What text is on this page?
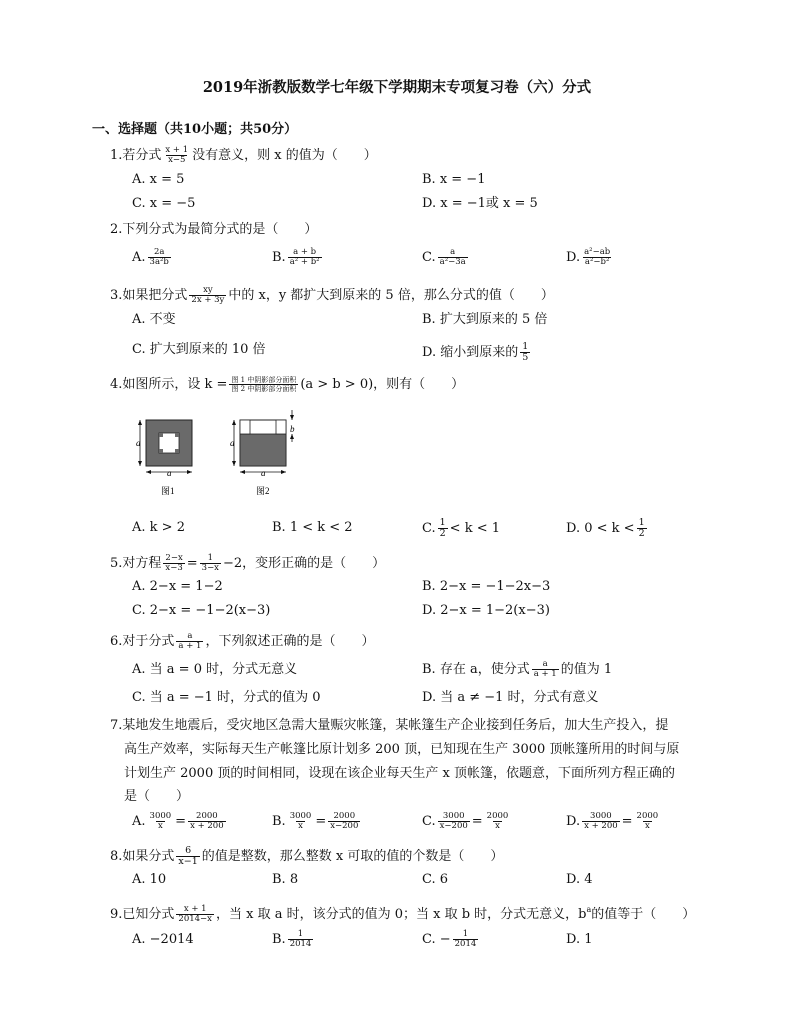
2019年浙教版数学七年级下学期期末专项复习卷（六）分式
一、选择题（共10小题；共50分）
1.若分式 $\frac{x + 1}{x-5}$ 没有意义，则 x 的值为（　　）
A. x = 5	B. x = −1
C. x = −5	D. x = −1或 x = 5
2.下列分式为最简分式的是（　　）
A. $\frac{2a}{\text{3a²b}}$	B. $\frac{a + b}{\text{a² + b²}}$	C. $\frac{a}{\text{a²−3a}}$	D. $\frac{\text{a²−ab}}{\text{a²−b²}}$
3.如果把分式 $\frac{xy}{2x + 3y}$ 中的 x，y 都扩大到原来的 5 倍，那么分式的值（　　）
A. 不变	B. 扩大到原来的 5 倍
C. 扩大到原来的 10 倍	D. 缩小到原来的 $\frac{1}{5}$
4.如图所示，设 $k = \frac{\text{图 1 中阴影部分面积}}{\text{图 2 中阴影部分面积}} (a > b > 0)$，则有（　　）
a
a
图1
b
a
a
图2
A. k > 2	B. 1 < k < 2	C. $\frac{1}{2} < k < 1$	D. $0 < k < \frac{1}{2}$
5.对方程 $\frac{2-x}{x-3} = \frac{1}{3-x} -2$，变形正确的是（　　）
A. 2−x = 1−2	B. 2−x = −1−2x−3
C. 2−x = −1−2(x−3)	D. 2−x = 1−2(x−3)
6.对于分式 $\frac{a}{a + 1}$ ，下列叙述正确的是（　　）
A. 当 a = 0 时，分式无意义	B. 存在 a，使分式 $\frac{a}{a + 1}$ 的值为 1
C. 当 a = −1 时，分式的值为 0	D. 当 a ≠ −1 时，分式有意义
7.某地发生地震后，受灾地区急需大量赈灾帐篷，某帐篷生产企业接到任务后，加大生产投入，提
高生产效率，实际每天生产帐篷比原计划多 200 顶，已知现在生产 3000 顶帐篷所用的时间与原
计划生产 2000 顶的时间相同，设现在该企业每天生产 x 顶帐篷，依题意，下面所列方程正确的
是（　　）
A. $\frac{3000}{x} = \frac{2000}{x + 200}$	B. $\frac{3000}{x} = \frac{2000}{x-200}$	C. $\frac{3000}{x-200} = \frac{2000}{x}$	D. $\frac{3000}{x + 200} = \frac{2000}{x}$
8.如果分式 $\frac{6}{x-1}$ 的值是整数，那么整数 x 可取的值的个数是（　　）
A. 10	B. 8	C. 6	D. 4
9.已知分式 $\frac{x + 1}{2014-x}$ ，当 x 取 a 时，该分式的值为 0；当 x 取 b 时，分式无意义，$b^a$的值等于（　　）
A. −2014	B. $\frac{1}{2014}$	C. − $\frac{1}{2014}$	D. 1
